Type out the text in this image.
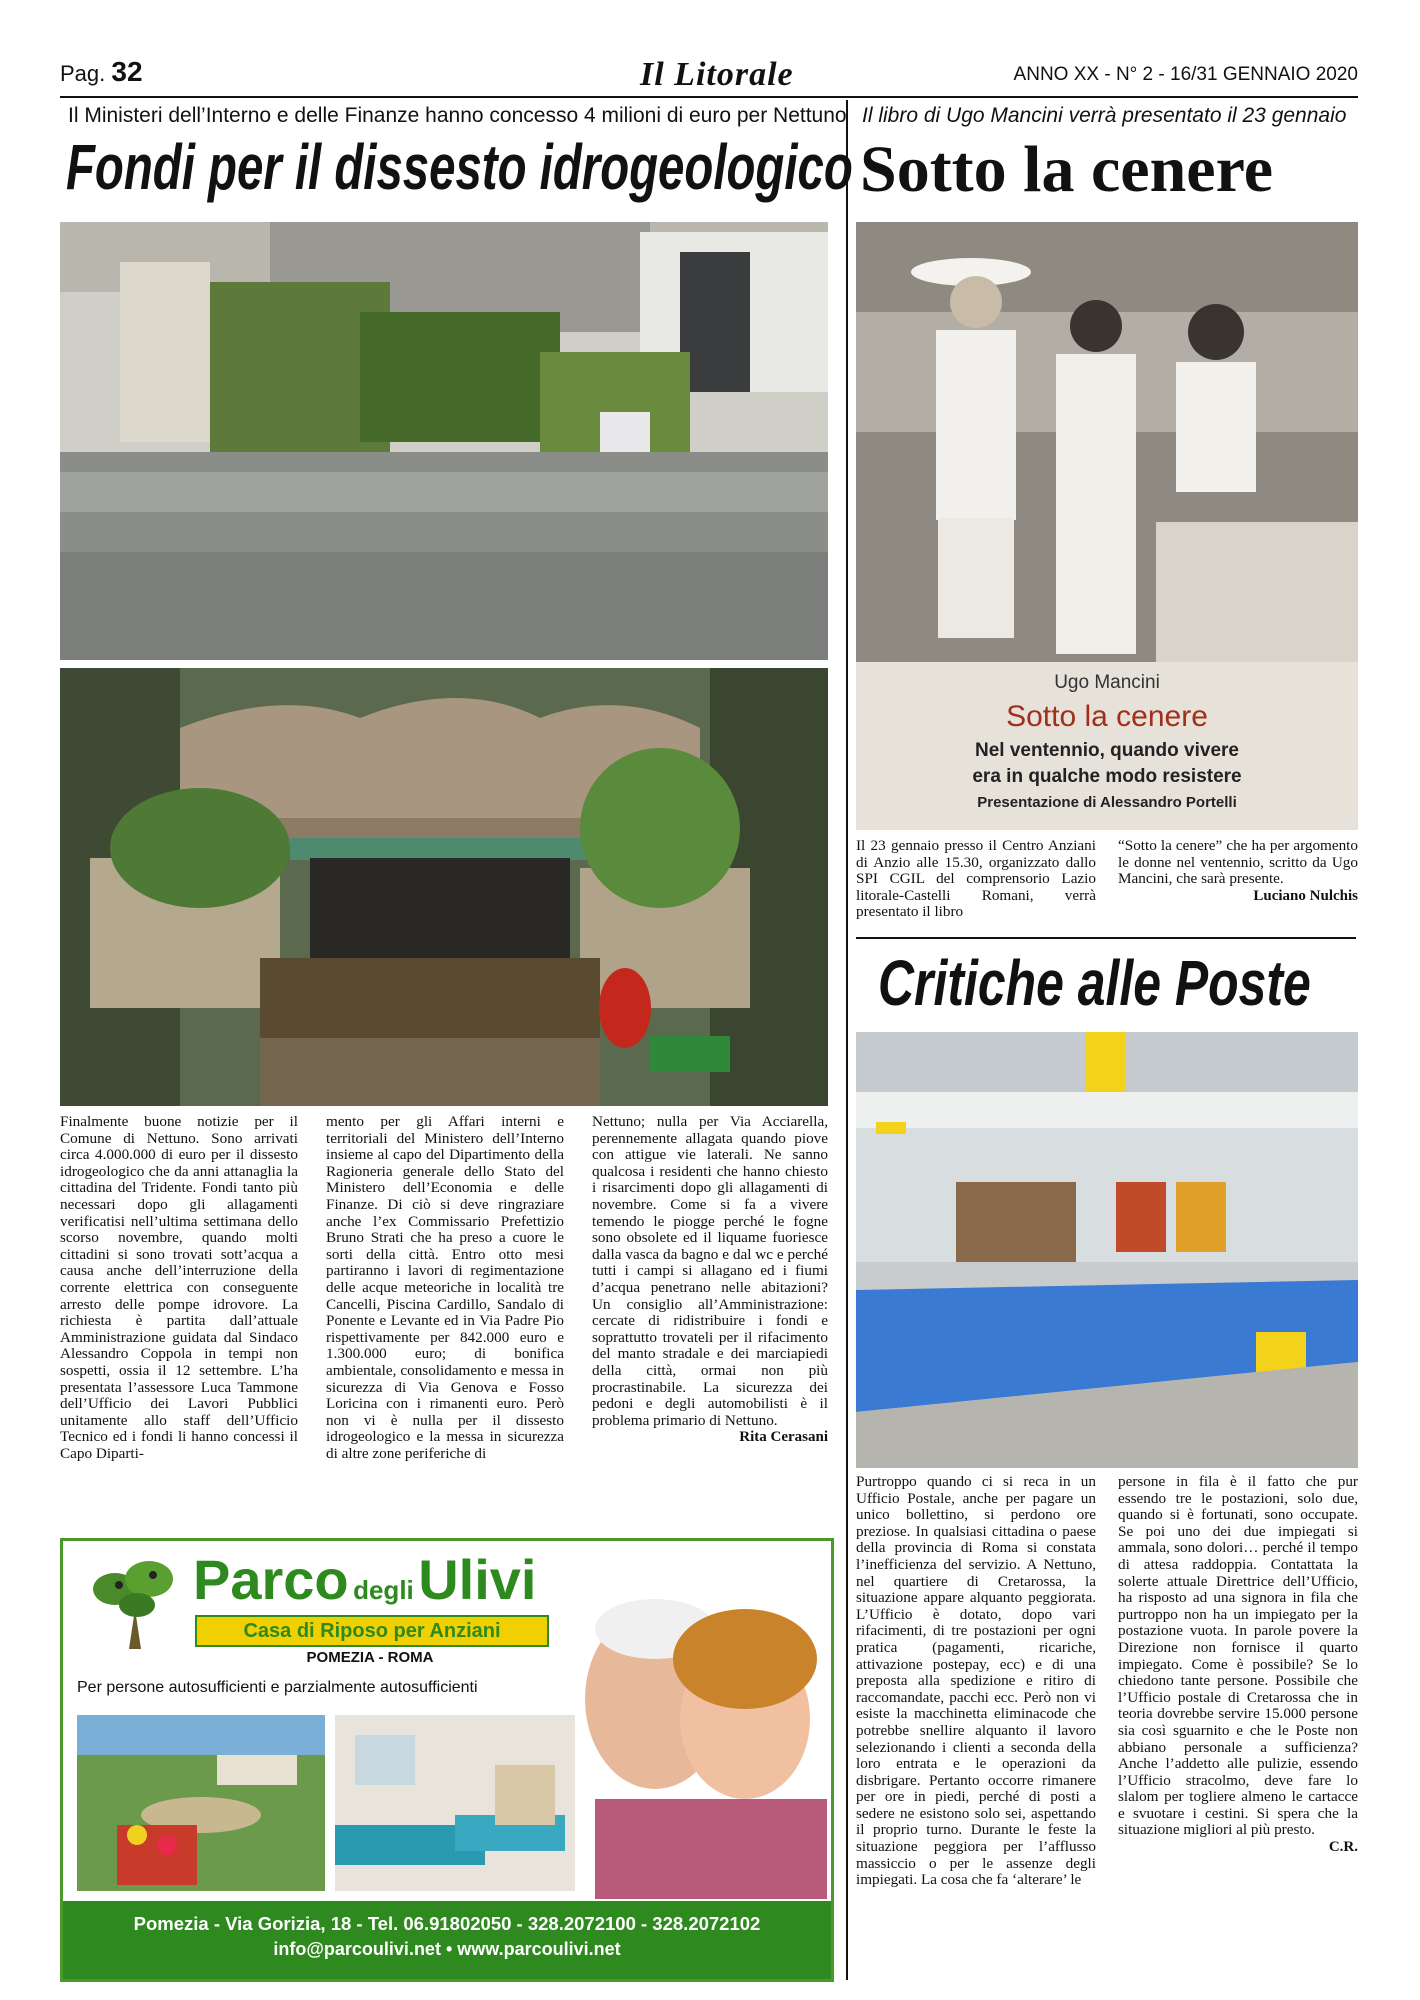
Pag. 32	Il Litorale	ANNO XX - N° 2 - 16/31 GENNAIO 2020
Il Ministeri dell’Interno e delle Finanze hanno concesso 4 milioni di euro per Nettuno
Fondi per il dissesto idrogeologico

Finalmente buone notizie per il Comune di Nettuno. Sono arrivati circa 4.000.000 di euro per il dissesto idrogeologico che da anni attanaglia la cittadina del Tridente. Fondi tanto più necessari dopo gli allagamenti verificatisi nell’ultima settimana dello scorso novembre, quando molti cittadini si sono trovati sott’acqua a causa anche dell’interruzione della corrente elettrica con conseguente arresto delle pompe idrovore. La richiesta è partita dall’attuale Amministrazione guidata dal Sindaco Alessandro Coppola in tempi non sospetti, ossia il 12 settembre. L’ha presentata l’assessore Luca Tammone dell’Ufficio dei Lavori Pubblici unitamente allo staff dell’Ufficio Tecnico ed i fondi li hanno concessi il Capo Diparti-

mento per gli Affari interni e territoriali del Ministero dell’Interno insieme al capo del Dipartimento della Ragioneria generale dello Stato del Ministero dell’Economia e delle Finanze. Di ciò si deve ringraziare anche l’ex Commissario Prefettizio Bruno Strati che ha preso a cuore le sorti della città. Entro otto mesi partiranno i lavori di regimentazione delle acque meteoriche in località tre Cancelli, Piscina Cardillo, Sandalo di Ponente e Levante ed in Via Padre Pio rispettivamente per 842.000 euro e 1.300.000 euro; di bonifica ambientale, consolidamento e messa in sicurezza di Via Genova e Fosso Loricina con i rimanenti euro. Però non vi è nulla per il dissesto idrogeologico e la messa in sicurezza di altre zone periferiche di

Nettuno; nulla per Via Acciarella, perennemente allagata quando piove con attigue vie laterali. Ne sanno qualcosa i residenti che hanno chiesto i risarcimenti dopo gli allagamenti di novembre. Come si fa a vivere temendo le piogge perché le fogne sono obsolete ed il liquame fuoriesce dalla vasca da bagno e dal wc e perché tutti i campi si allagano ed i fiumi d’acqua penetrano nelle abitazioni? Un consiglio all’Amministrazione: cercate di ridistribuire i fondi e soprattutto trovateli per il rifacimento del manto stradale e dei marciapiedi della città, ormai non più procrastinabile. La sicurezza dei pedoni e degli automobilisti è il problema primario di Nettuno.

Rita Cerasani
Parco degli Ulivi
Casa di Riposo per Anziani
POMEZIA - ROMA
Per persone autosufficienti e parzialmente autosufficienti
Pomezia - Via Gorizia, 18 - Tel. 06.91802050 - 328.2072100 - 328.2072102
info@parcoulivi.net • www.parcoulivi.net
Il libro di Ugo Mancini verrà presentato il 23 gennaio
Sotto la cenere
Ugo Mancini
Sotto la cenere
Nel ventennio, quando vivere
era in qualche modo resistere
Presentazione di Alessandro Portelli

Il 23 gennaio presso il Centro Anziani di Anzio alle 15.30, organizzato dallo SPI CGIL del comprensorio Lazio litorale-Castelli Romani, verrà presentato il libro

“Sotto la cenere” che ha per argomento le donne nel ventennio, scritto da Ugo Mancini, che sarà presente.

Luciano Nulchis
Critiche alle Poste

Purtroppo quando ci si reca in un Ufficio Postale, anche per pagare un unico bollettino, si perdono ore preziose. In qualsiasi cittadina o paese della provincia di Roma si constata l’inefficienza del servizio. A Nettuno, nel quartiere di Cretarossa, la situazione appare alquanto peggiorata. L’Ufficio è dotato, dopo vari rifacimenti, di tre postazioni per ogni pratica (pagamenti, ricariche, attivazione postepay, ecc) e di una preposta alla spedizione e ritiro di raccomandate, pacchi ecc. Però non vi esiste la macchinetta eliminacode che potrebbe snellire alquanto il lavoro selezionando i clienti a seconda della loro entrata e le operazioni da disbrigare. Pertanto occorre rimanere per ore in piedi, perché di posti a sedere ne esistono solo sei, aspettando il proprio turno. Durante le feste la situazione peggiora per l’afflusso massiccio o per le assenze degli impiegati. La cosa che fa ‘alterare’ le

persone in fila è il fatto che pur essendo tre le postazioni, solo due, quando si è fortunati, sono occupate. Se poi uno dei due impiegati si ammala, sono dolori… perché il tempo di attesa raddoppia. Contattata la solerte attuale Direttrice dell’Ufficio, ha risposto ad una signora in fila che purtroppo non ha un impiegato per la postazione vuota. In parole povere la Direzione non fornisce il quarto impiegato. Come è possibile? Se lo chiedono tante persone. Possibile che l’Ufficio postale di Cretarossa che in teoria dovrebbe servire 15.000 persone sia così sguarnito e che le Poste non abbiano personale a sufficienza? Anche l’addetto alle pulizie, essendo l’Ufficio stracolmo, deve fare lo slalom per togliere almeno le cartacce e svuotare i cestini. Si spera che la situazione migliori al più presto.

C.R.
